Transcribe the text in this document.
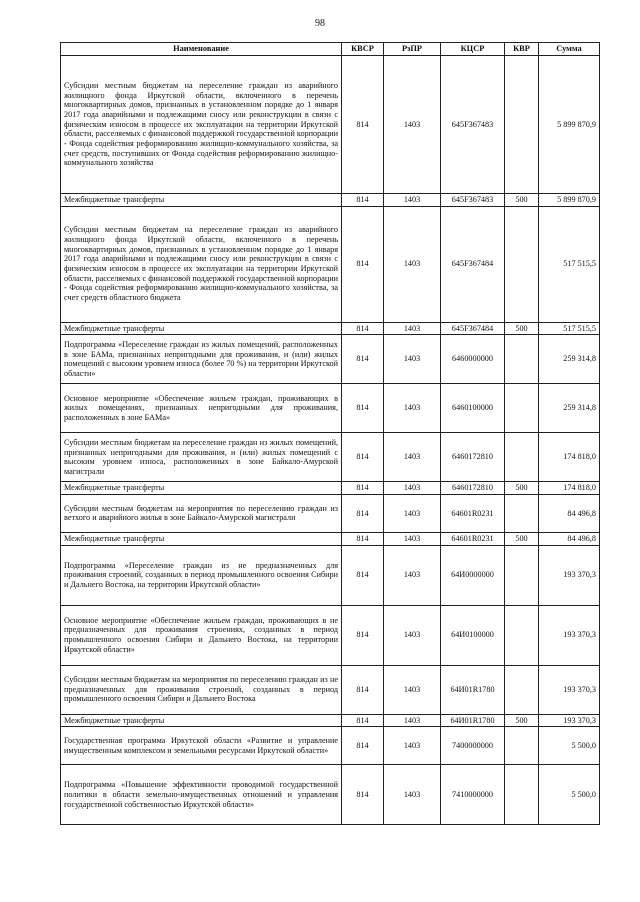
98
Наименование	КВСР	РзПР	КЦСР	КВР	Сумма
Субсидии местным бюджетам на переселение граждан из аварийного жилищного фонда Иркутской области, включенного в перечень многоквартирных домов, признанных в установленном порядке до 1 января 2017 года аварийными и подлежащими сносу или реконструкции в связи с физическим износом в процессе их эксплуатации на территории Иркутской области, расселяемых с финансовой поддержкой государственной корпорации - Фонда содействия реформированию жилищно-коммунального хозяйства, за счет средств, поступивших от Фонда содействия реформированию жилищно-коммунального хозяйства	814	1403	645F367483		5 899 870,9
Межбюджетные трансферты	814	1403	645F367483	500	5 899 870,9
Субсидии местным бюджетам на переселение граждан из аварийного жилищного фонда Иркутской области, включенного в перечень многоквартирных домов, признанных в установленном порядке до 1 января 2017 года аварийными и подлежащими сносу или реконструкции в связи с физическим износом в процессе их эксплуатации на территории Иркутской области, расселяемых с финансовой поддержкой государственной корпорации - Фонда содействия реформированию жилищно-коммунального хозяйства, за счет средств областного бюджета	814	1403	645F367484		517 515,5
Межбюджетные трансферты	814	1403	645F367484	500	517 515,5
Подпрограмма «Переселение граждан из жилых помещений, расположенных в зоне БАМа, признанных непригодными для проживания, и (или) жилых помещений с высоким уровнем износа (более 70 %) на территории Иркутской области»	814	1403	6460000000		259 314,8
Основное мероприятие «Обеспечение жильем граждан, проживающих в жилых помещениях, признанных непригодными для проживания, расположенных в зоне БАМа»	814	1403	6460100000		259 314,8
Субсидии местным бюджетам на переселение граждан из жилых помещений, признанных непригодными для проживания, и (или) жилых помещений с высоким уровнем износа, расположенных в зоне Байкало-Амурской магистрали	814	1403	6460172810		174 818,0
Межбюджетные трансферты	814	1403	6460172810	500	174 818,0
Субсидии местным бюджетам на мероприятия по переселению граждан из ветхого и аварийного жилья в зоне Байкало-Амурской магистрали	814	1403	64601R0231		84 496,8
Межбюджетные трансферты	814	1403	64601R0231	500	84 496,8
Подпрограмма «Переселение граждан из не предназначенных для проживания строений, созданных в период промышленного освоения Сибири и Дальнего Востока, на территории Иркутской области»	814	1403	64И0000000		193 370,3
Основное мероприятие «Обеспечение жильем граждан, проживающих в не предназначенных для проживания строениях, созданных в период промышленного освоения Сибири и Дальнего Востока, на территории Иркутской области»	814	1403	64И0100000		193 370,3
Субсидии местным бюджетам на мероприятия по переселению граждан из не предназначенных для проживания строений, созданных в период промышленного освоения Сибири и Дальнего Востока	814	1403	64И01R1780		193 370,3
Межбюджетные трансферты	814	1403	64И01R1780	500	193 370,3
Государственная программа Иркутской области «Развитие и управление имущественным комплексом и земельными ресурсами Иркутской области»	814	1403	7400000000		5 500,0
Подпрограмма «Повышение эффективности проводимой государственной политики в области земельно-имущественных отношений и управления государственной собственностью Иркутской области»	814	1403	7410000000		5 500,0
